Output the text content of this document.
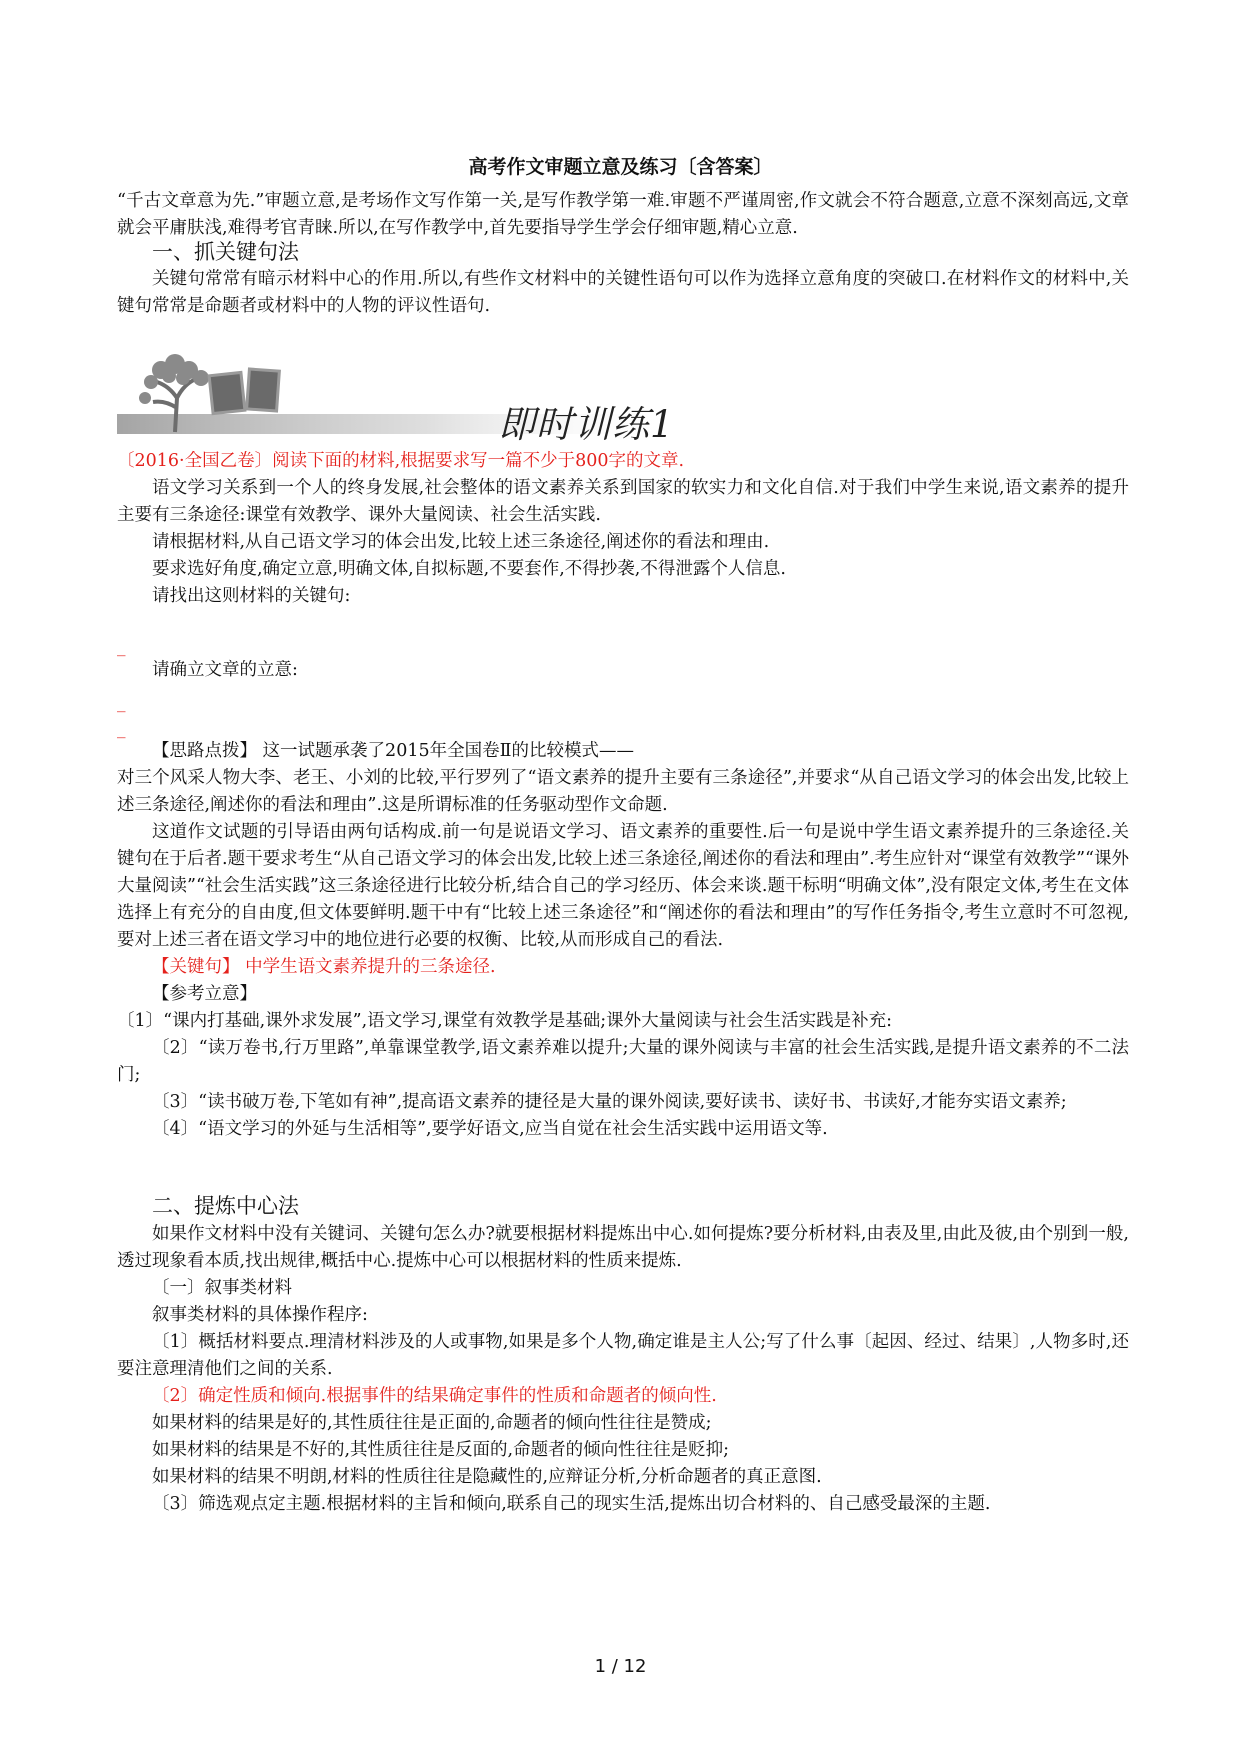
高考作文审题立意及练习〔含答案〕

“千古文章意为先.”审题立意,是考场作文写作第一关,是写作教学第一难.审题不严谨周密,作文就会不符合题意,立意不深刻高远,文章就会平庸肤浅,难得考官青睐.所以,在写作教学中,首先要指导学生学会仔细审题,精心立意.

一、抓关键句法
关键句常常有暗示材料中心的作用.所以,有些作文材料中的关键性语句可以作为选择立意角度的突破口.在材料作文的材料中,关键句常常是命题者或材料中的人物的评议性语句.
即时训练1
〔2016·全国乙卷〕阅读下面的材料,根据要求写一篇不少于800字的文章.

语文学习关系到一个人的终身发展,社会整体的语文素养关系到国家的软实力和文化自信.对于我们中学生来说,语文素养的提升主要有三条途径:课堂有效教学、课外大量阅读、社会生活实践.

请根据材料,从自己语文学习的体会出发,比较上述三条途径,阐述你的看法和理由.

要求选好角度,确定立意,明确文体,自拟标题,不要套作,不得抄袭,不得泄露个人信息.

请找出这则材料的关键句:

_
请确立文章的立意:
_
_

【思路点拨】 这一试题承袭了2015年全国卷Ⅱ的比较模式——

对三个风采人物大李、老王、小刘的比较,平行罗列了“语文素养的提升主要有三条途径”,并要求“从自己语文学习的体会出发,比较上述三条途径,阐述你的看法和理由”.这是所谓标准的任务驱动型作文命题.

这道作文试题的引导语由两句话构成.前一句是说语文学习、语文素养的重要性.后一句是说中学生语文素养提升的三条途径.关键句在于后者.题干要求考生“从自己语文学习的体会出发,比较上述三条途径,阐述你的看法和理由”.考生应针对“课堂有效教学”“课外大量阅读”“社会生活实践”这三条途径进行比较分析,结合自己的学习经历、体会来谈.题干标明“明确文体”,没有限定文体,考生在文体选择上有充分的自由度,但文体要鲜明.题干中有“比较上述三条途径”和“阐述你的看法和理由”的写作任务指令,考生立意时不可忽视,要对上述三者在语文学习中的地位进行必要的权衡、比较,从而形成自己的看法.

【关键句】 中学生语文素养提升的三条途径.

【参考立意】

〔1〕“课内打基础,课外求发展”,语文学习,课堂有效教学是基础;课外大量阅读与社会生活实践是补充:

〔2〕“读万卷书,行万里路”,单靠课堂教学,语文素养难以提升;大量的课外阅读与丰富的社会生活实践,是提升语文素养的不二法门;

〔3〕“读书破万卷,下笔如有神”,提高语文素养的捷径是大量的课外阅读,要好读书、读好书、书读好,才能夯实语文素养;

〔4〕“语文学习的外延与生活相等”,要学好语文,应当自觉在社会生活实践中运用语文等.

二、提炼中心法

如果作文材料中没有关键词、关键句怎么办?就要根据材料提炼出中心.如何提炼?要分析材料,由表及里,由此及彼,由个别到一般,透过现象看本质,找出规律,概括中心.提炼中心可以根据材料的性质来提炼.

〔一〕叙事类材料

叙事类材料的具体操作程序:

〔1〕概括材料要点.理清材料涉及的人或事物,如果是多个人物,确定谁是主人公;写了什么事〔起因、经过、结果〕,人物多时,还要注意理清他们之间的关系.

〔2〕确定性质和倾向.根据事件的结果确定事件的性质和命题者的倾向性.

如果材料的结果是好的,其性质往往是正面的,命题者的倾向性往往是赞成;

如果材料的结果是不好的,其性质往往是反面的,命题者的倾向性往往是贬抑;

如果材料的结果不明朗,材料的性质往往是隐藏性的,应辩证分析,分析命题者的真正意图.

〔3〕筛选观点定主题.根据材料的主旨和倾向,联系自己的现实生活,提炼出切合材料的、自己感受最深的主题.

1 / 12
